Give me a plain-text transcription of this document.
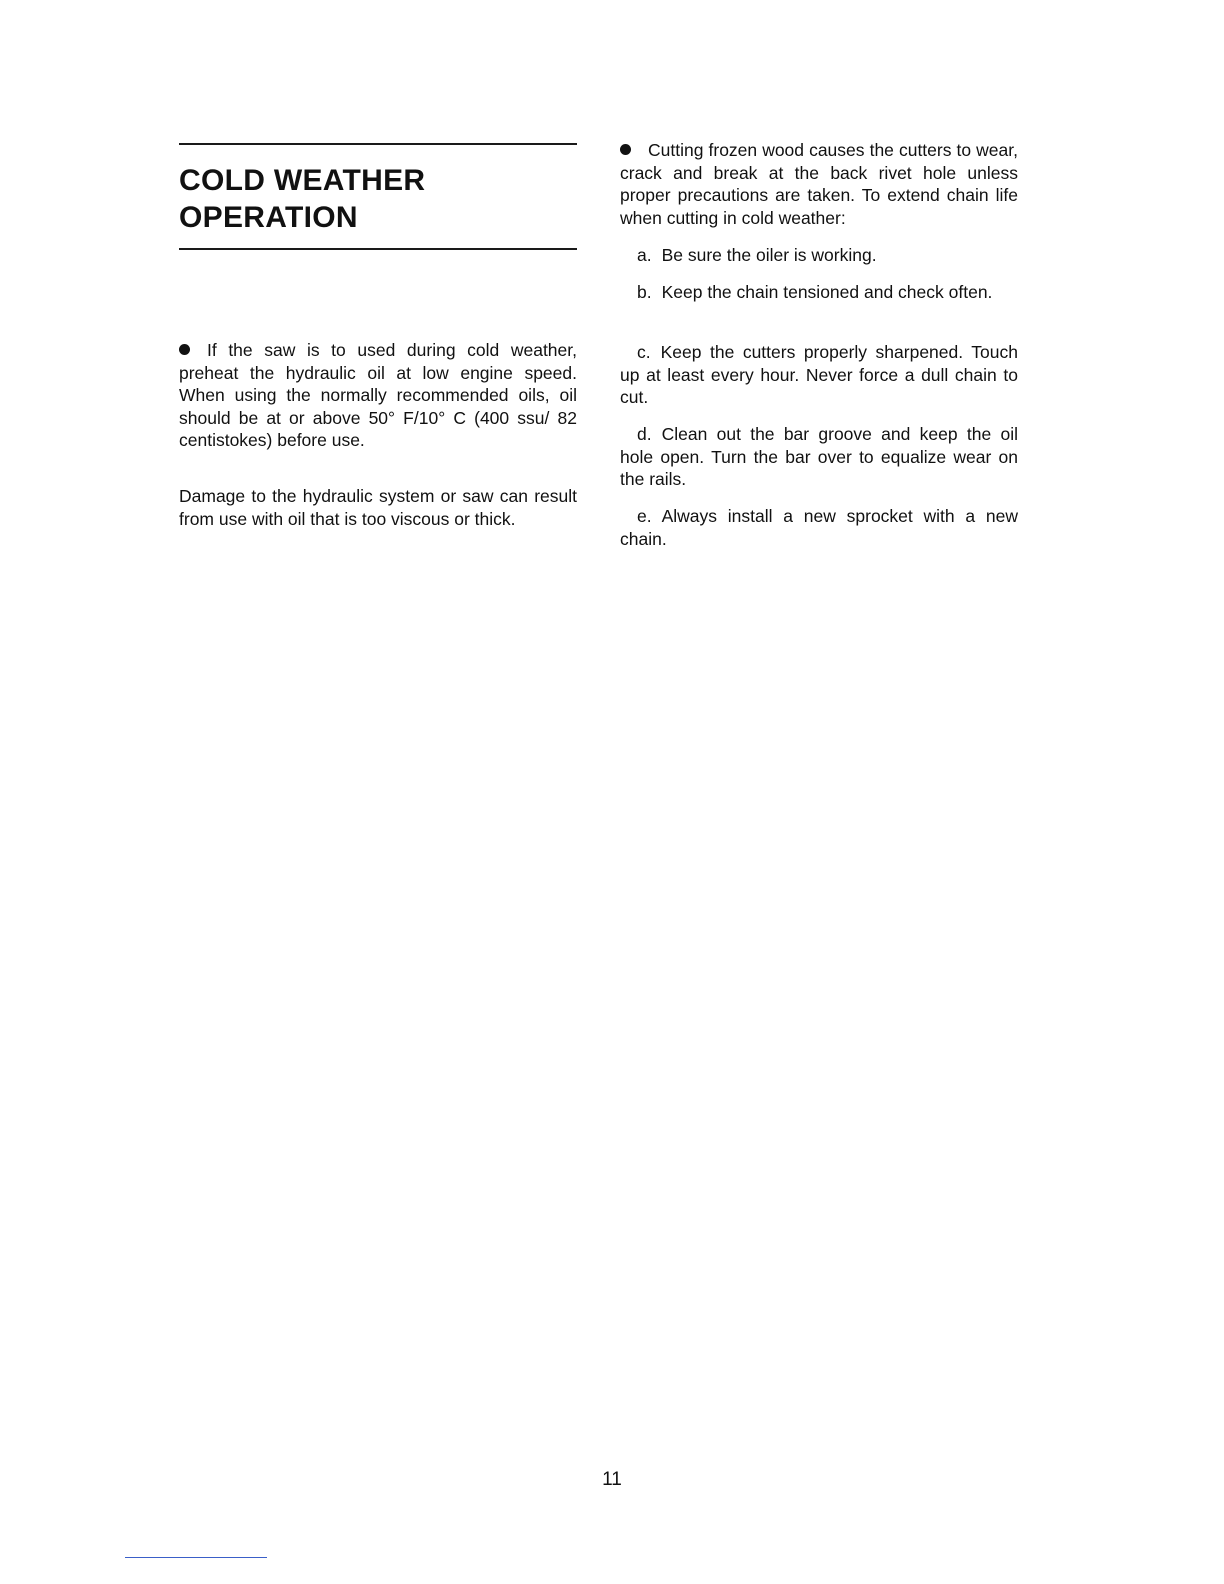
COLD WEATHER
OPERATION

If the saw is to used during cold weather, preheat the hydraulic oil at low engine speed. When using the normally recommended oils, oil should be at or above 50° F/10° C (400 ssu/ 82 centistokes) before use.

Damage to the hydraulic system or saw can result from use with oil that is too viscous or thick.

Cutting frozen wood causes the cutters to wear, crack and break at the back rivet hole unless proper precautions are taken. To extend chain life when cutting in cold weather:

a. Be sure the oiler is working.

b. Keep the chain tensioned and check often.

c. Keep the cutters properly sharpened. Touch up at least every hour. Never force a dull chain to cut.

d. Clean out the bar groove and keep the oil hole open. Turn the bar over to equalize wear on the rails.

e. Always install a new sprocket with a new chain.

11
